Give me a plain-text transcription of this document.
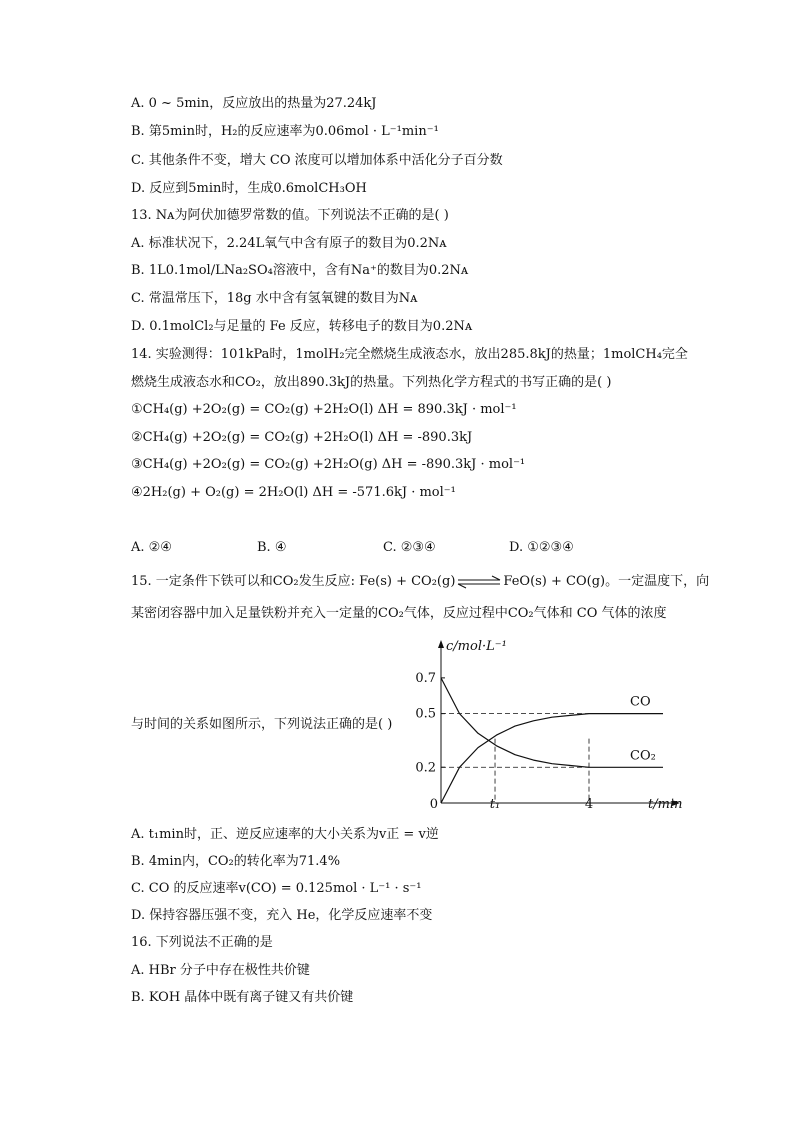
A. 0 ~ 5min，反应放出的热量为27.24kJ
B. 第5min时，H₂的反应速率为0.06mol · L⁻¹min⁻¹
C. 其他条件不变，增大 CO 浓度可以增加体系中活化分子百分数
D. 反应到5min时，生成0.6molCH₃OH
13. Nᴀ为阿伏加德罗常数的值。下列说法不正确的是( )
A. 标准状况下，2.24L氧气中含有原子的数目为0.2Nᴀ
B. 1L0.1mol/LNa₂SO₄溶液中，含有Na⁺的数目为0.2Nᴀ
C. 常温常压下，18g 水中含有氢氧键的数目为Nᴀ
D. 0.1molCl₂与足量的 Fe 反应，转移电子的数目为0.2Nᴀ
14. 实验测得：101kPa时，1molH₂完全燃烧生成液态水，放出285.8kJ的热量；1molCH₄完全
燃烧生成液态水和CO₂，放出890.3kJ的热量。下列热化学方程式的书写正确的是( )
①CH₄(g) +2O₂(g) = CO₂(g) +2H₂O(l) ΔH = 890.3kJ · mol⁻¹
②CH₄(g) +2O₂(g) = CO₂(g) +2H₂O(l) ΔH = -890.3kJ
③CH₄(g) +2O₂(g) = CO₂(g) +2H₂O(g) ΔH = -890.3kJ · mol⁻¹
④2H₂(g) + O₂(g) = 2H₂O(l) ΔH = -571.6kJ · mol⁻¹
A. ②④	B. ④	C. ②③④	D. ①②③④
15. 一定条件下铁可以和CO₂发生反应: Fe(s) + CO₂(g) ⇌ FeO(s) + CO(g)。一定温度下，向
某密闭容器中加入足量铁粉并充入一定量的CO₂气体，反应过程中CO₂气体和 CO 气体的浓度
与时间的关系如图所示，下列说法正确的是( )
c/mol·L⁻¹
t/min
0
CO
CO₂
0.2
0.5
0.7
t₁	4
A. t₁min时，正、逆反应速率的大小关系为v正 = v逆
B. 4min内，CO₂的转化率为71.4%
C. CO 的反应速率v(CO) = 0.125mol · L⁻¹ · s⁻¹
D. 保持容器压强不变，充入 He，化学反应速率不变
16. 下列说法不正确的是
A. HBr 分子中存在极性共价键
B. KOH 晶体中既有离子键又有共价键
